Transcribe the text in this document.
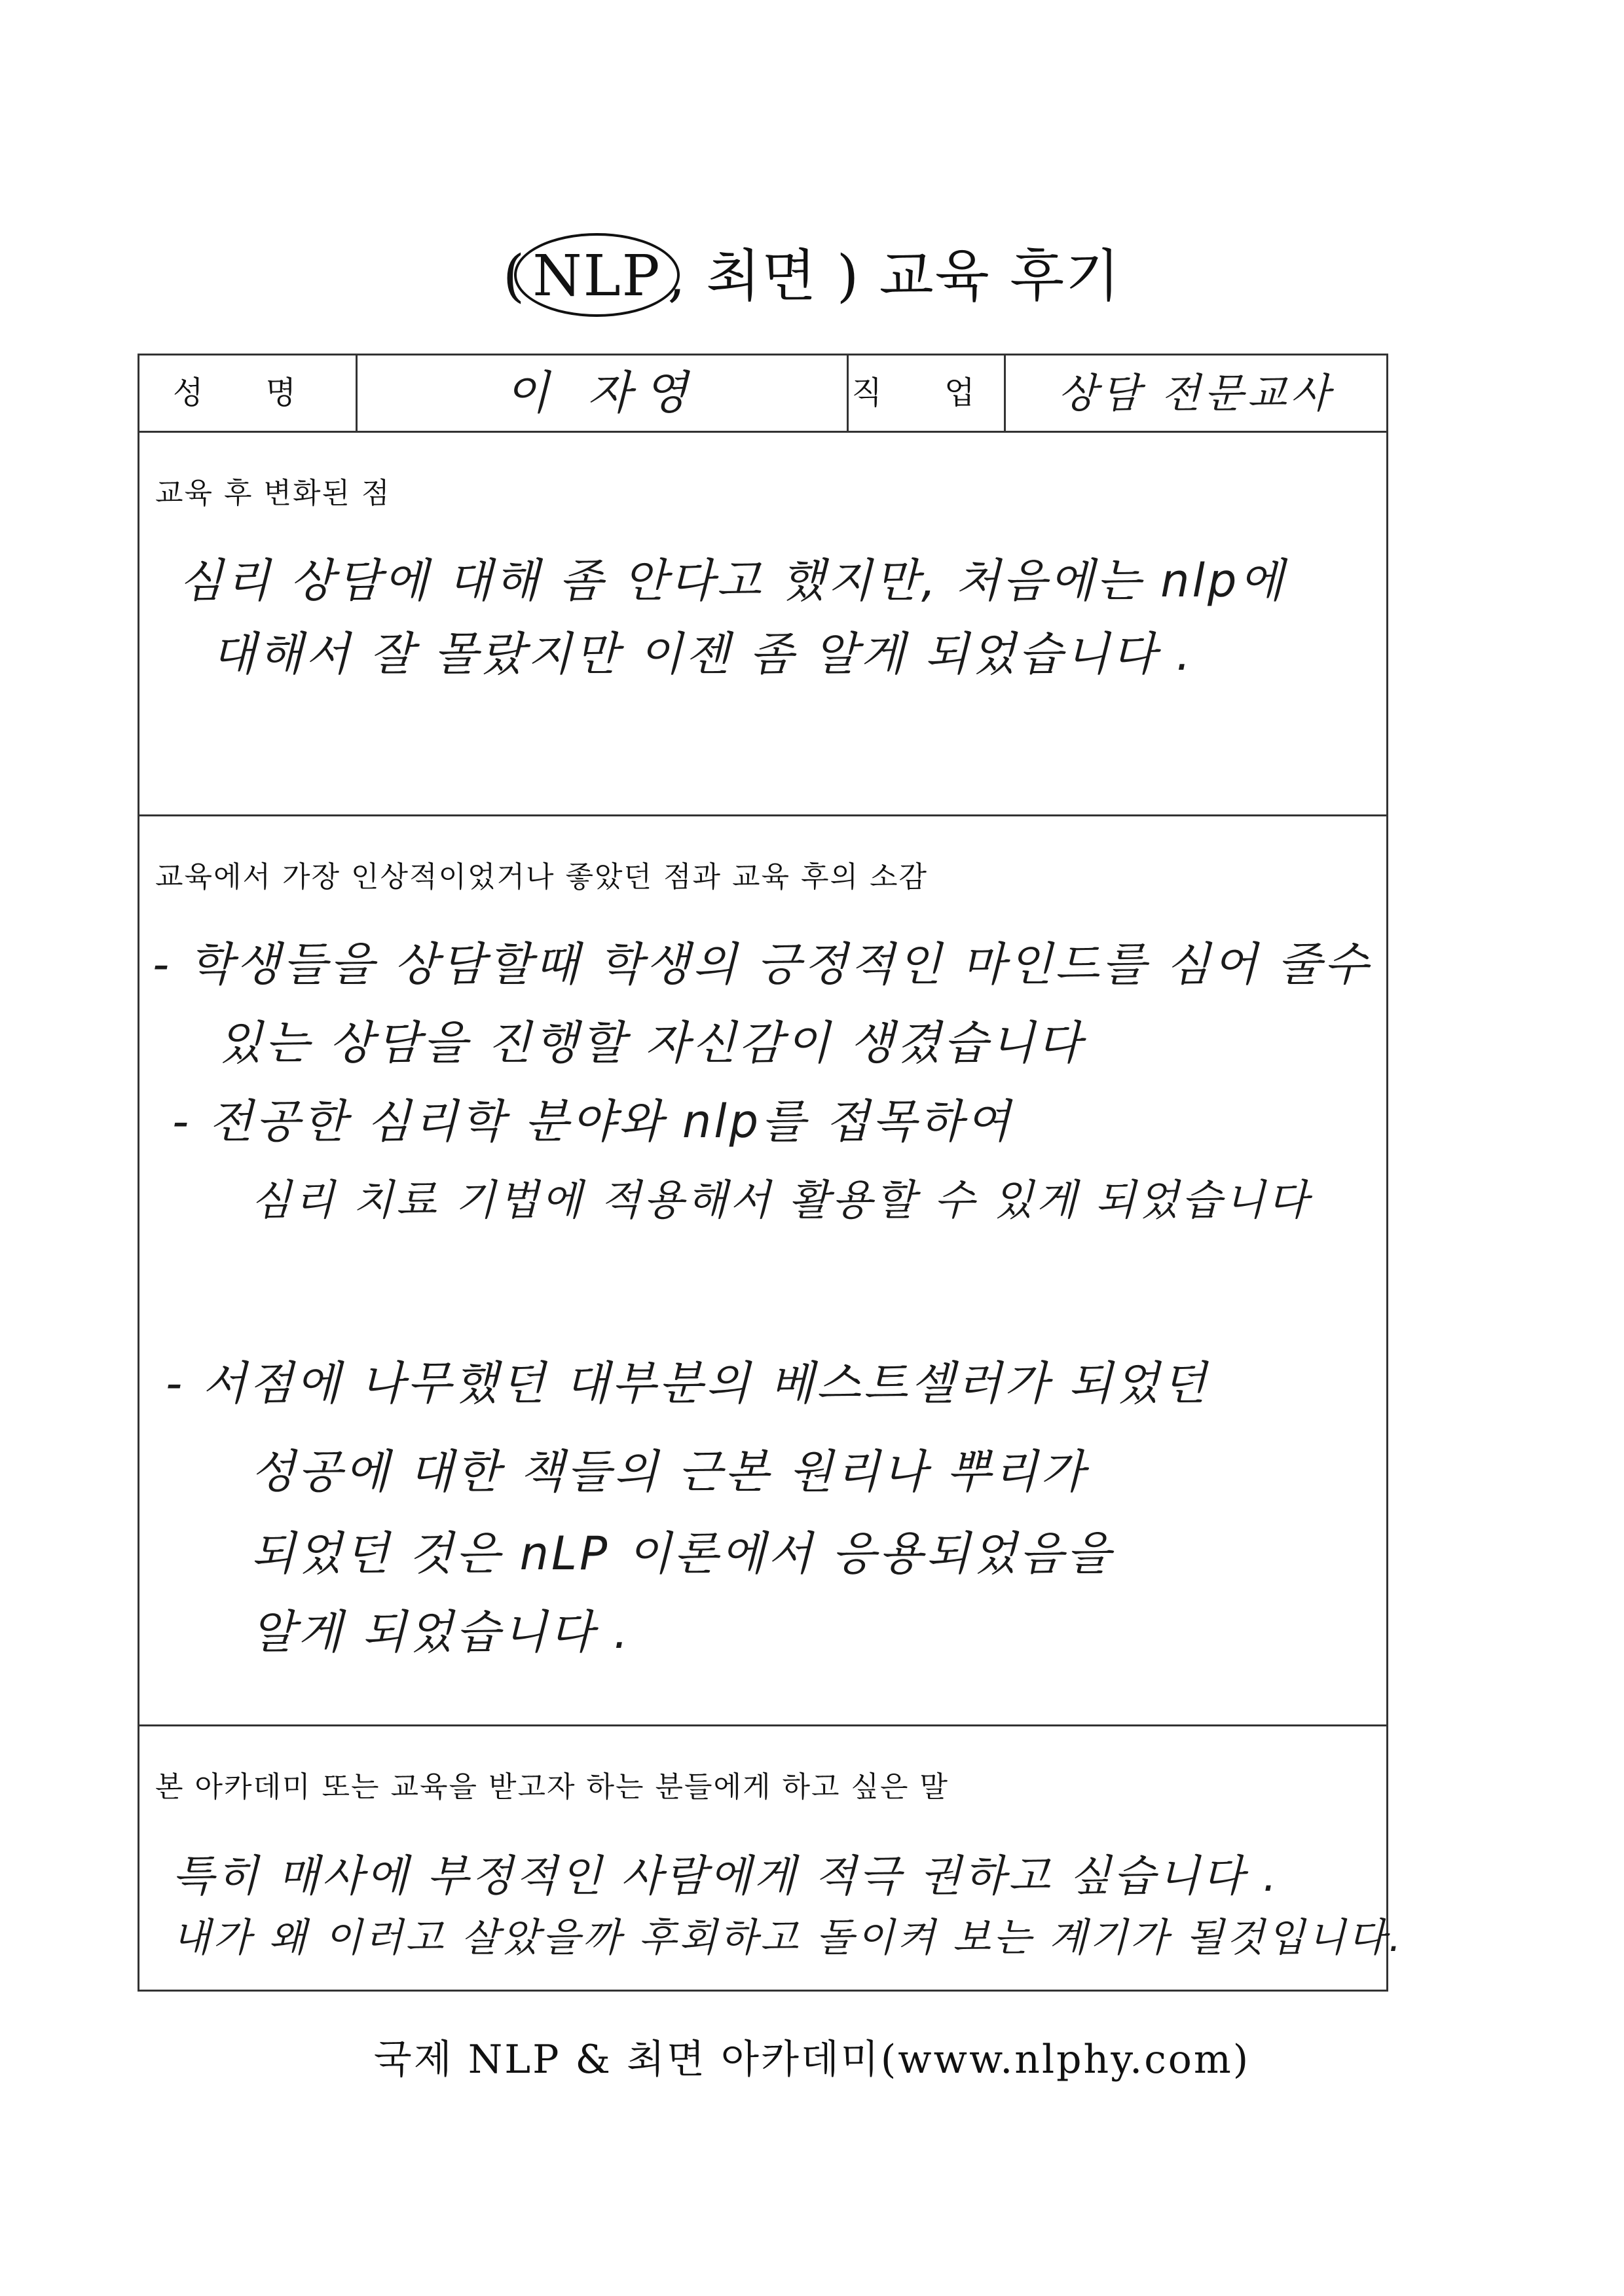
( NLP , 최면 ) 교육 후기
성 명	이 자영	직 업	상담 전문교사
교육 후 변화된 점
심리 상담에 대해 좀 안다고 했지만, 처음에는 nlp에
대해서 잘 몰랐지만 이젠 좀 알게 되었습니다 .
교육에서 가장 인상적이었거나 좋았던 점과 교육 후의 소감
- 학생들을 상담할때 학생의 긍정적인 마인드를 심어 줄수
있는 상담을 진행할 자신감이 생겼습니다
- 전공한 심리학 분야와 nlp를 접목하여
심리 치료 기법에 적용해서 활용할 수 있게 되었습니다
- 서점에 나무했던 대부분의 베스트셀러가 되었던
성공에 대한 책들의 근본 원리나 뿌리가
되었던 것은 nLP 이론에서 응용되었음을
알게 되었습니다 .
본 아카데미 또는 교육을 받고자 하는 분들에게 하고 싶은 말
특히 매사에 부정적인 사람에게 적극 권하고 싶습니다 .
내가 왜 이러고 살았을까 후회하고 돌이켜 보는 계기가 될것입니다.
국제 NLP & 최면 아카데미(www.nlphy.com)
